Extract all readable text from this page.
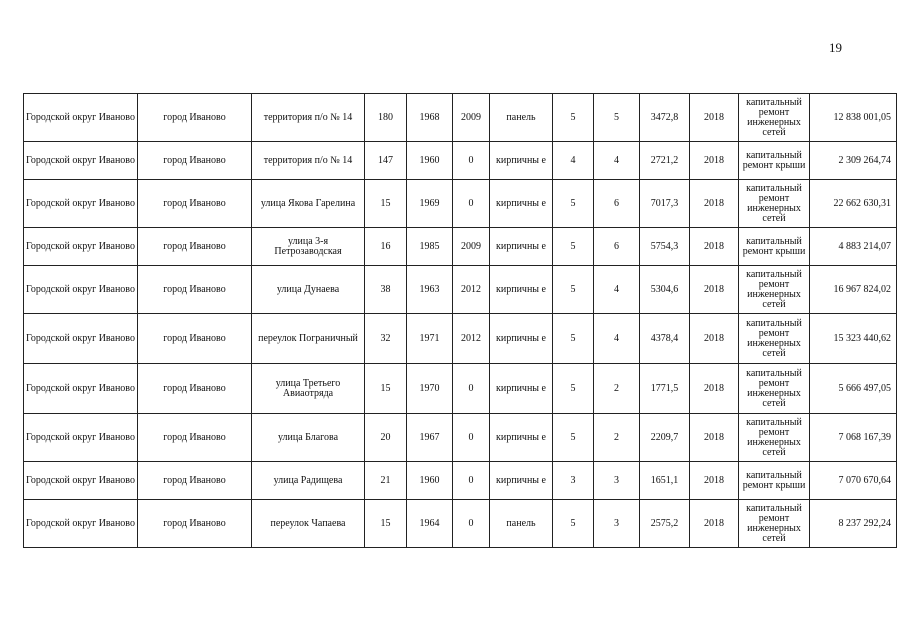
19
Городской округ Иваново	город Иваново	территория п/о № 14	180	1968	2009	панель	5	5	3472,8	2018	капитальный ремонт инженерных сетей	12 838 001,05
Городской округ Иваново	город Иваново	территория п/о № 14	147	1960	0	кирпичны е	4	4	2721,2	2018	капитальный ремонт крыши	2 309 264,74
Городской округ Иваново	город Иваново	улица Якова Гарелина	15	1969	0	кирпичны е	5	6	7017,3	2018	капитальный ремонт инженерных сетей	22 662 630,31
Городской округ Иваново	город Иваново	улица 3-я Петрозаводская	16	1985	2009	кирпичны е	5	6	5754,3	2018	капитальный ремонт крыши	4 883 214,07
Городской округ Иваново	город Иваново	улица Дунаева	38	1963	2012	кирпичны е	5	4	5304,6	2018	капитальный ремонт инженерных сетей	16 967 824,02
Городской округ Иваново	город Иваново	переулок Пограничный	32	1971	2012	кирпичны е	5	4	4378,4	2018	капитальный ремонт инженерных сетей	15 323 440,62
Городской округ Иваново	город Иваново	улица Третьего Авиаотряда	15	1970	0	кирпичны е	5	2	1771,5	2018	капитальный ремонт инженерных сетей	5 666 497,05
Городской округ Иваново	город Иваново	улица Благова	20	1967	0	кирпичны е	5	2	2209,7	2018	капитальный ремонт инженерных сетей	7 068 167,39
Городской округ Иваново	город Иваново	улица Радищева	21	1960	0	кирпичны е	3	3	1651,1	2018	капитальный ремонт крыши	7 070 670,64
Городской округ Иваново	город Иваново	переулок Чапаева	15	1964	0	панель	5	3	2575,2	2018	капитальный ремонт инженерных сетей	8 237 292,24
